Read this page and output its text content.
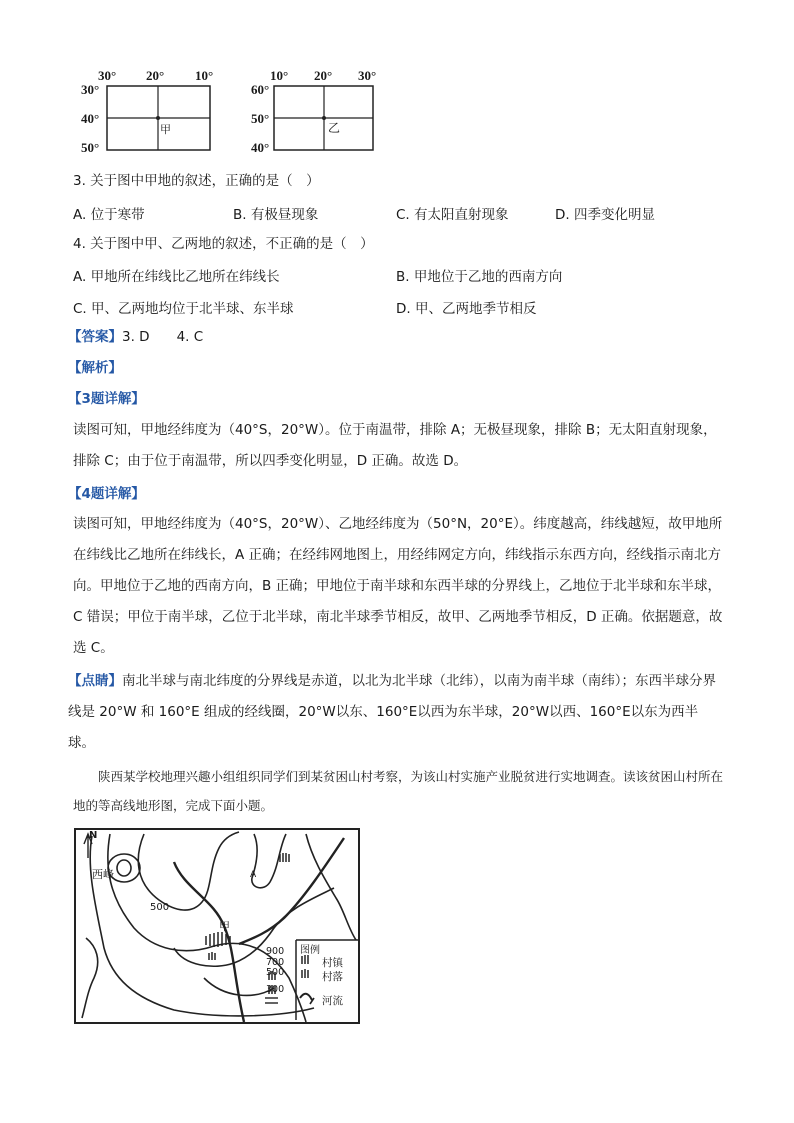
30° 20° 10°
30°
40°
50°
甲
10° 20° 30°
60°
50°
40°
乙
3. 关于图中甲地的叙述，正确的是（　）
A. 位于寒带	B. 有极昼现象	C. 有太阳直射现象	D. 四季变化明显
4. 关于图中甲、乙两地的叙述，不正确的是（　）
A. 甲地所在纬线比乙地所在纬线长	B. 甲地位于乙地的西南方向
C. 甲、乙两地均位于北半球、东半球	D. 甲、乙两地季节相反
【答案】3. D　　4. C
【解析】
【3题详解】
读图可知，甲地经纬度为（40°S，20°W）。位于南温带，排除 A；无极昼现象，排除 B；无太阳直射现象，排除 C；由于位于南温带，所以四季变化明显，D 正确。故选 D。
【4题详解】
读图可知，甲地经纬度为（40°S，20°W）、乙地经纬度为（50°N，20°E）。纬度越高，纬线越短，故甲地所在纬线比乙地所在纬线长，A 正确；在经纬网地图上，用经纬网定方向，纬线指示东西方向，经线指示南北方向。甲地位于乙地的西南方向，B 正确；甲地位于南半球和东西半球的分界线上，乙地位于北半球和东半球，C 错误；甲位于南半球，乙位于北半球，南北半球季节相反，故甲、乙两地季节相反，D 正确。依据题意，故选 C。
【点睛】南北半球与南北纬度的分界线是赤道，以北为北半球（北纬），以南为南半球（南纬）；东西半球分界线是 20°W 和 160°E 组成的经线圈，20°W以东、160°E以西为东半球，20°W以西、160°E以东为西半球。
陕西某学校地理兴趣小组组织同学们到某贫困山村考察，为该山村实施产业脱贫进行实地调查。读该贫困山村所在地的等高线地形图，完成下面小题。
N
西峰
500
甲
A
900
700
500
300
图例
村镇
村落
河流
